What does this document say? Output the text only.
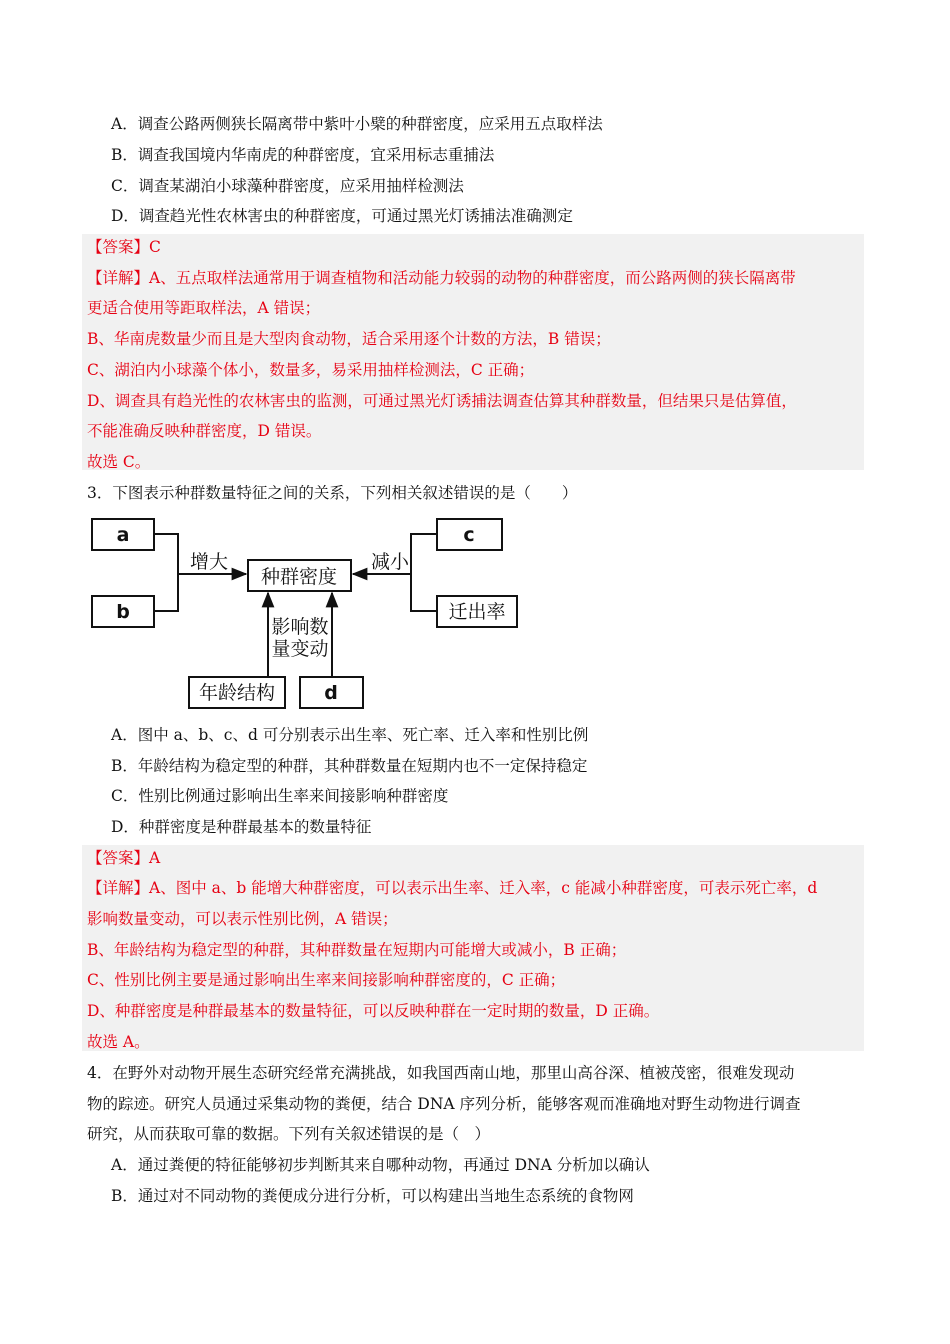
A．调查公路两侧狭长隔离带中紫叶小檗的种群密度，应采用五点取样法
B．调查我国境内华南虎的种群密度，宜采用标志重捕法
C．调查某湖泊小球藻种群密度，应采用抽样检测法
D．调查趋光性农林害虫的种群密度，可通过黑光灯诱捕法准确测定
【答案】C
【详解】A、五点取样法通常用于调查植物和活动能力较弱的动物的种群密度，而公路两侧的狭长隔离带
更适合使用等距取样法，A 错误；
B、华南虎数量少而且是大型肉食动物，适合采用逐个计数的方法，B 错误；
C、湖泊内小球藻个体小，数量多，易采用抽样检测法，C 正确；
D、调查具有趋光性的农林害虫的监测，可通过黑光灯诱捕法调查估算其种群数量，但结果只是估算值，
不能准确反映种群密度，D 错误。
故选 C。
3．下图表示种群数量特征之间的关系，下列相关叙述错误的是（　　）
a
b
c
d
种群密度
迁出率
年龄结构
增大	减小
影响数
量变动
A．图中 a、b、c、d 可分别表示出生率、死亡率、迁入率和性别比例
B．年龄结构为稳定型的种群，其种群数量在短期内也不一定保持稳定
C．性别比例通过影响出生率来间接影响种群密度
D．种群密度是种群最基本的数量特征
【答案】A
【详解】A、图中 a、b 能增大种群密度，可以表示出生率、迁入率，c 能减小种群密度，可表示死亡率，d
影响数量变动，可以表示性别比例，A 错误；
B、年龄结构为稳定型的种群，其种群数量在短期内可能增大或减小，B 正确；
C、性别比例主要是通过影响出生率来间接影响种群密度的，C 正确；
D、种群密度是种群最基本的数量特征，可以反映种群在一定时期的数量，D 正确。
故选 A。
4．在野外对动物开展生态研究经常充满挑战，如我国西南山地，那里山高谷深、植被茂密，很难发现动
物的踪迹。研究人员通过采集动物的粪便，结合 DNA 序列分析，能够客观而准确地对野生动物进行调查
研究，从而获取可靠的数据。下列有关叙述错误的是（　）
A．通过粪便的特征能够初步判断其来自哪种动物，再通过 DNA 分析加以确认
B．通过对不同动物的粪便成分进行分析，可以构建出当地生态系统的食物网
